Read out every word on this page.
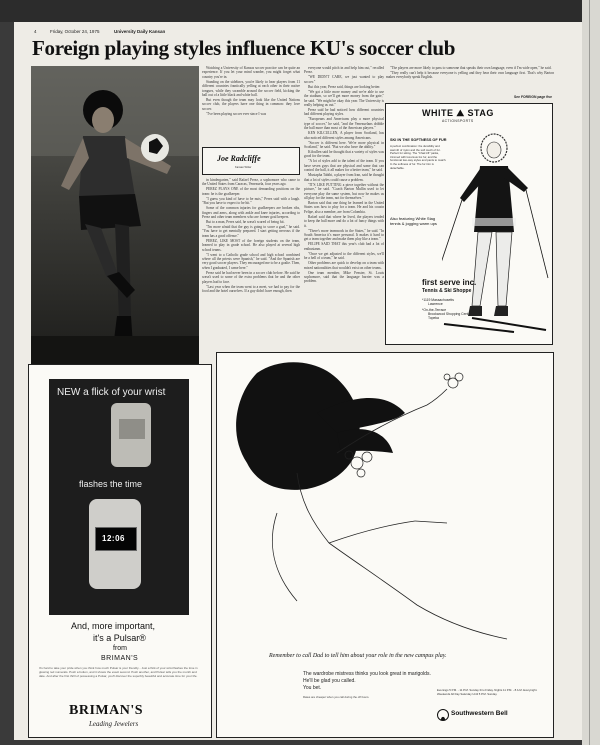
4	Friday, October 24, 1975	University Daily Kansan
Foreign playing styles influence KU's soccer club

Watching a University of Kansas soccer practice can be quite an experience. If you let your mind wander, you might forget what country you're in.

Standing on the sidelines, you're likely to hear players from 11 different countries frantically yelling at each other in their native tongues, while they scramble around the soccer field, kicking the ball out of a little black and white ball.

But even though the team may look like the United Nations soccer club, the players have one thing in common: they love soccer.

"I've been playing soccer ever since I was

Joe Radcliffe
Kansan Writer

in kindergarten," said Rafael Perez, a sophomore who came to the United States from Caracas, Venezuela, four years ago.

PEREZ PLAYS ONE of the most demanding positions on the team: he is the goalkeeper.

"I guess you kind of have to be nuts," Perez said with a laugh. "But you have to expect to be hit."

Some of the common injuries for goalkeepers are broken ribs, fingers and arms, along with ankle and knee injuries, according to Perez and other team members who are former goal keepers.

But to a man, Perez said, he wasn't scared of being hit.

"I'm more afraid that the guy is going to score a goal," he said. "You have to get mentally prepared. I start getting nervous if the team has a good offense."

PEREZ, LIKE MOST of the foreign students on the team, learned to play in grade school. He also played at several high school teams.

"I went to a Catholic grade school and high school combined where all the priests were Spanish," he said. "And the Spanish are very good soccer players. They encouraged me to be a goalie. Then, when I graduated, I came here."

Perez said he had never been in a soccer club before. He said he wasn't used to some of the extra problems that he and the other players had to face.

"Last year when the team went to a meet, we had to pay for the food and the hotel ourselves. If a guy didn't have enough, then

everyone would pitch in and help him out," recalled Perez.

"WE DIDN'T CARE, we just wanted to play soccer."

But this year, Perez said, things are looking better.

"We got a little more money and we're able to use the stadium, so we'll get more money from the gate," he said. "We might be okay this year. The University is really helping us out."

Perez said he had noticed how different countries had different playing styles.

"Europeans and Americans play a more physical type of soccer," he said, "and the Venezuelans dribble the ball more than most of the American players."

KEN KILCULLEN, A player from Scotland, has also noticed different styles among Americans.

"Soccer is different here. We're more physical in Scotland," he said. "But we also have the ability."

Kilcullen said he thought that a variety of styles was good for the team.

"A lot of styles add to the talent of the team. If you have seven guys that are physical and some that can control the ball, it all makes for a better team," he said.

Mustapha Tabibi, a player from Iran, said he thought that a lot of styles could cause a problem.

"IT'S LIKE PUTTING a piece together without the picture," he said. "Coach Barton Mullin used to let everyone play the same system, but now he makes us all play for the team, not for themselves."

Barton said that one thing he learned in the United States was how to play for a team. He and his cousin Felipe, also a member, are from Colombia.

Rafael said that where he lived, the players tended to keep the ball more and do a lot of fancy things with it.

"There's more teamwork in the States," he said. "In South America it's more personal. It makes it hard to get a team together and make them play like a team."

FELIPE SAID THAT this year's club had a lot of enthusiasm.

"Once we get adjusted to the different styles, we'll be a hell of a team," he said.

Other problems are quick to develop on a team with mixed nationalities that wouldn't exist on other teams.

One team member, Mike Fenster, St. Louis sophomore, said that the language barrier was a problem.

"The players are more likely to pass to someone that speaks their own language, even if I'm wide open," he said.

"They really can't help it because everyone is yelling and they hear their own language first. That's why Barton makes everybody speak English.

See FOREIGN page five
WHITE ⛰ STAG
ACTIONSPORTS
SKI IN THE SOFTNESS OF FUR
A perfect combination: the durability and warmth of nylon and the soft touch of fur. Perfect for skiing. The "Chair-lift" parka, trimmed with luxurious fox fur, and the functional two-way styles and pants to match. In the softness of fur. The fur trim is detachable.
Also featuring White Stag tennis & jogging warm ups
first serve inc.
Tennis & Ski Shoppe
*1119 Massachusetts
Lawrence
*On-the-Terrace
Brookwood Shopping Center
Topeka
NEW a flick of your wrist
flashes the time
12:06
And, more important,
it's a Pulsar®
from
BRIMAN'S
It's hard to take your pride when you think how much Pulsar is your friendly... Just a flick of your wrist flashes the time in glowing red numerals. Push a button, and it shows the exact second. Push another, and Pulsar tells you the month and date. And after the first thrill of possessing a Pulsar, you'll discover the superbly beautiful and accurate time for your life.
BRIMAN'S
Leading Jewelers
Remember to call Dad to tell him about your role in the new campus play.
The wardrobe mistress thinks you look great in marigolds.
He'll be glad you called.
You bet.
Rates are cheaper when you call during the off hours.
Evenings 5 P.M. - 11 P.M. Sunday thru Friday. Nights 11 P.M. - 8 A.M. Everynight. Weekends All Day Saturday Until 5 P.M. Sunday.
Southwestern Bell
